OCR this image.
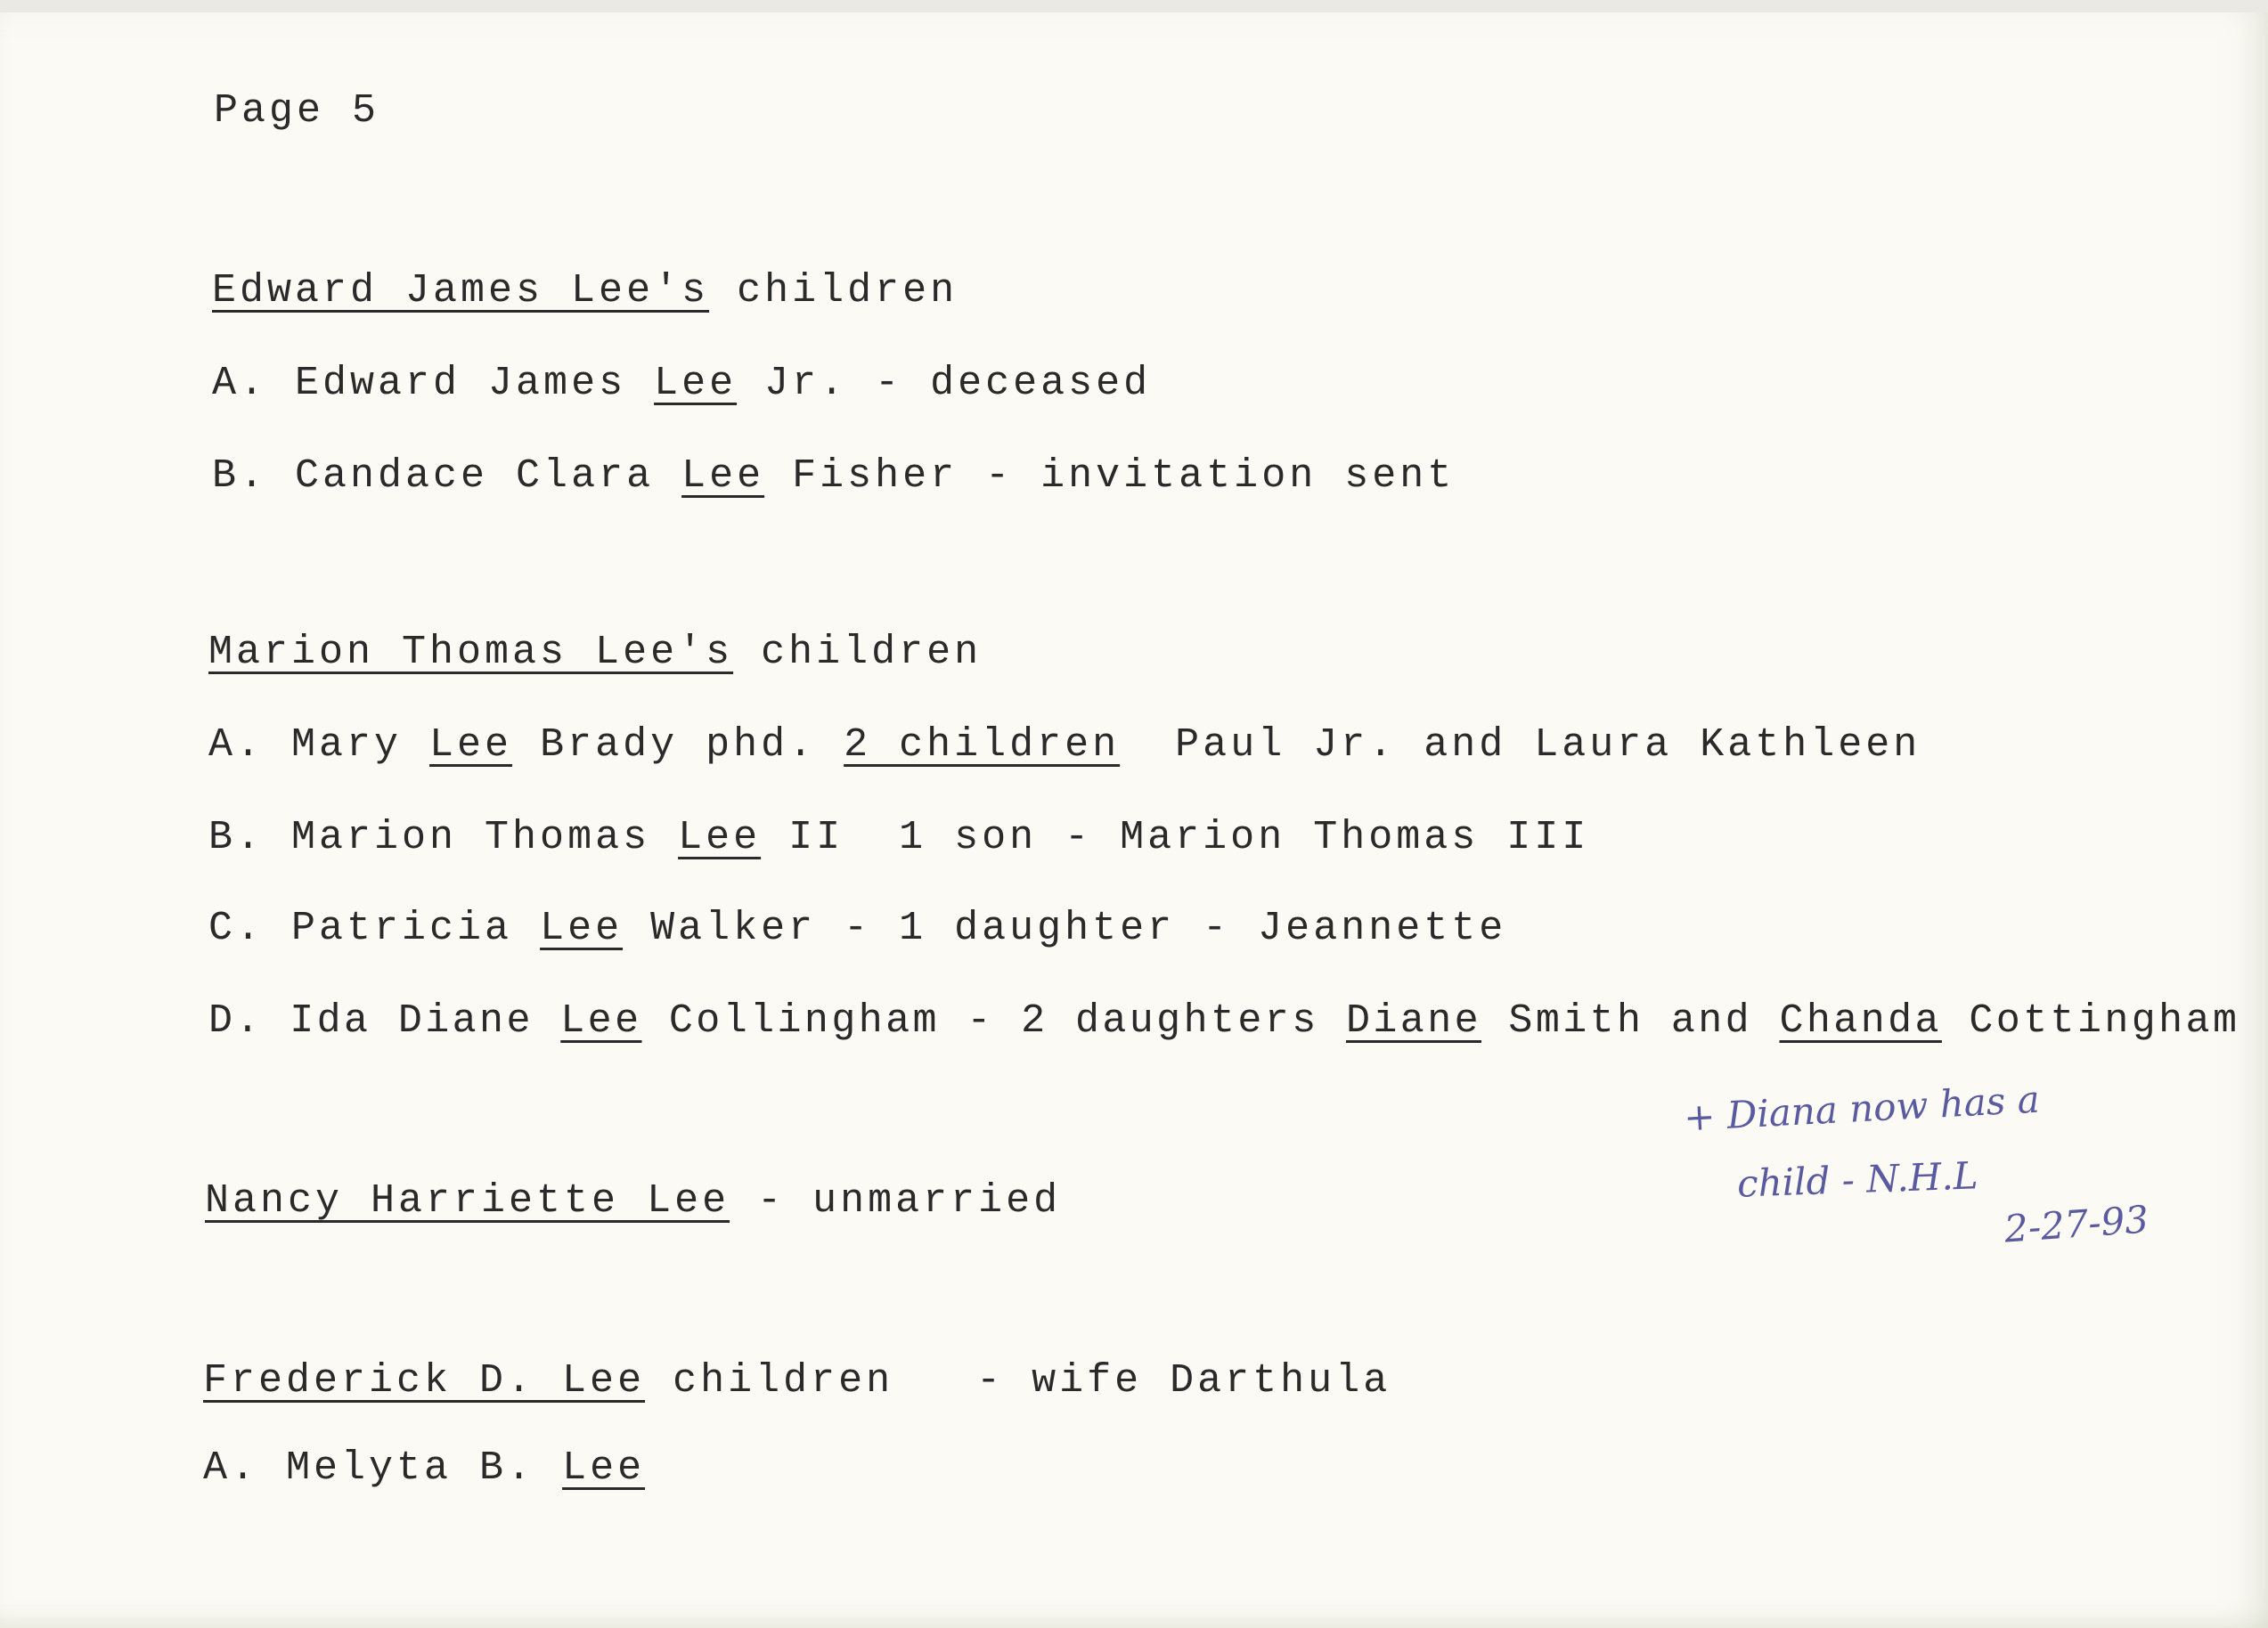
Page 5
Edward James Lee's children
A. Edward James Lee Jr. - deceased
B. Candace Clara Lee Fisher - invitation sent
Marion Thomas Lee's children
A. Mary Lee Brady phd. 2 children  Paul Jr. and Laura Kathleen
B. Marion Thomas Lee II  1 son - Marion Thomas III
C. Patricia Lee Walker - 1 daughter - Jeannette
D. Ida Diane Lee Collingham - 2 daughters Diane Smith and Chanda Cottingham
Nancy Harriette Lee - unmarried
Frederick D. Lee children   - wife Darthula
A. Melyta B. Lee
+ Diana now has a
child - N.H.L
2-27-93
